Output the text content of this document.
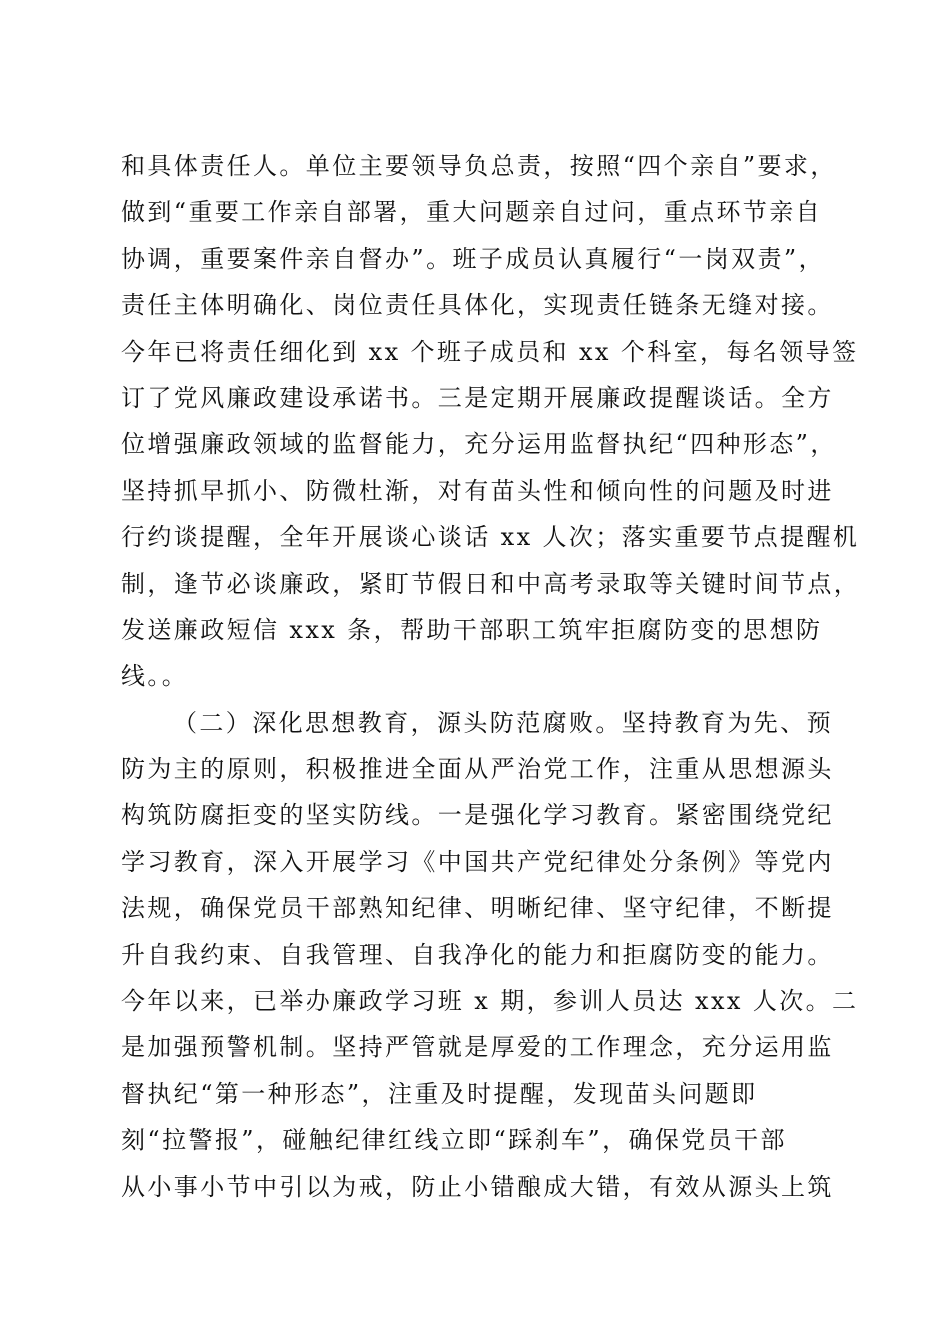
和具体责任人。单位主要领导负总责，按照“四个亲自”要求，
做到“重要工作亲自部署，重大问题亲自过问，重点环节亲自
协调，重要案件亲自督办”。班子成员认真履行“一岗双责”，
责任主体明确化、岗位责任具体化，实现责任链条无缝对接。
今年已将责任细化到 xx 个班子成员和 xx 个科室，每名领导签
订了党风廉政建设承诺书。三是定期开展廉政提醒谈话。全方
位增强廉政领域的监督能力，充分运用监督执纪“四种形态”，
坚持抓早抓小、防微杜渐，对有苗头性和倾向性的问题及时进
行约谈提醒，全年开展谈心谈话 xx 人次；落实重要节点提醒机
制，逢节必谈廉政，紧盯节假日和中高考录取等关键时间节点，
发送廉政短信 xxx 条，帮助干部职工筑牢拒腐防变的思想防
线。。
（二）深化思想教育，源头防范腐败。坚持教育为先、预
防为主的原则，积极推进全面从严治党工作，注重从思想源头
构筑防腐拒变的坚实防线。一是强化学习教育。紧密围绕党纪
学习教育，深入开展学习《中国共产党纪律处分条例》等党内
法规，确保党员干部熟知纪律、明晰纪律、坚守纪律，不断提
升自我约束、自我管理、自我净化的能力和拒腐防变的能力。
今年以来，已举办廉政学习班 x 期，参训人员达 xxx 人次。二
是加强预警机制。坚持严管就是厚爱的工作理念，充分运用监
督执纪“第一种形态”，注重及时提醒，发现苗头问题即
刻“拉警报”，碰触纪律红线立即“踩刹车”，确保党员干部
从小事小节中引以为戒，防止小错酿成大错，有效从源头上筑
